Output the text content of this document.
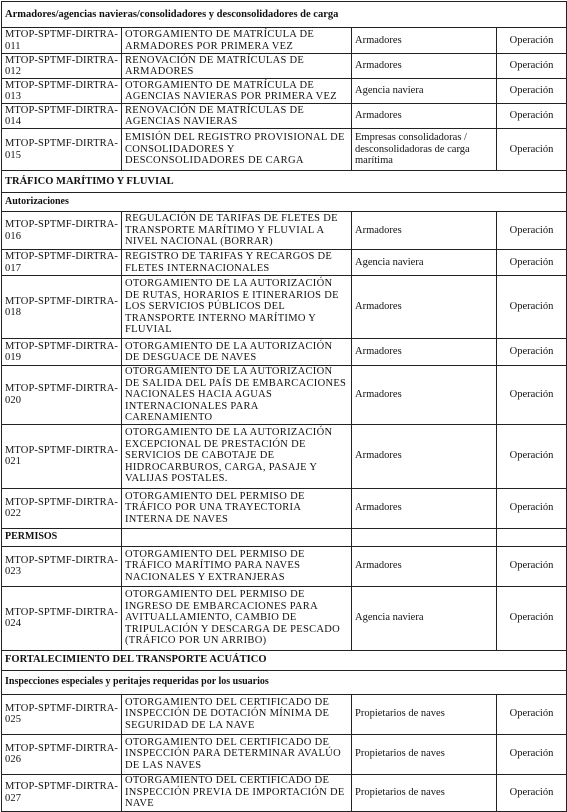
Armadores/agencias navieras/consolidadores y desconsolidadores de carga			
MTOP-SPTMF-DIRTRA-011	OTORGAMIENTO DE MATRÍCULA DE ARMADORES POR PRIMERA VEZ	Armadores	Operación
MTOP-SPTMF-DIRTRA-012	RENOVACIÓN DE MATRÍCULAS DE ARMADORES	Armadores	Operación
MTOP-SPTMF-DIRTRA-013	OTORGAMIENTO DE MATRÍCULA DE AGENCIAS NAVIERAS POR PRIMERA VEZ	Agencia naviera	Operación
MTOP-SPTMF-DIRTRA-014	RENOVACIÓN DE MATRÍCULAS DE AGENCIAS NAVIERAS	Armadores	Operación
MTOP-SPTMF-DIRTRA-015	EMISIÓN DEL REGISTRO PROVISIONAL DE CONSOLIDADORES Y DESCONSOLIDADORES DE CARGA	Empresas consolidadoras / desconsolidadoras de carga marítima	Operación
TRÁFICO MARÍTIMO Y FLUVIAL			
Autorizaciones			
MTOP-SPTMF-DIRTRA-016	REGULACIÓN DE TARIFAS DE FLETES DE TRANSPORTE MARÍTIMO Y FLUVIAL A NIVEL NACIONAL (BORRAR)	Armadores	Operación
MTOP-SPTMF-DIRTRA-017	REGISTRO DE TARIFAS Y RECARGOS DE FLETES INTERNACIONALES	Agencia naviera	Operación
MTOP-SPTMF-DIRTRA-018	OTORGAMIENTO DE LA AUTORIZACIÓN DE RUTAS, HORARIOS E ITINERARIOS DE LOS SERVICIOS PÚBLICOS DEL TRANSPORTE INTERNO MARÍTIMO Y FLUVIAL	Armadores	Operación
MTOP-SPTMF-DIRTRA-019	OTORGAMIENTO DE LA AUTORIZACIÓN DE DESGUACE DE NAVES	Armadores	Operación
MTOP-SPTMF-DIRTRA-020	OTORGAMIENTO DE LA AUTORIZACIÓN DE SALIDA DEL PAÍS DE EMBARCACIONES NACIONALES HACIA AGUAS INTERNACIONALES PARA CARENAMIENTO	Armadores	Operación
MTOP-SPTMF-DIRTRA-021	OTORGAMIENTO DE LA AUTORIZACIÓN EXCEPCIONAL DE PRESTACIÓN DE SERVICIOS DE CABOTAJE DE HIDROCARBUROS, CARGA, PASAJE Y VALIJAS POSTALES.	Armadores	Operación
MTOP-SPTMF-DIRTRA-022	OTORGAMIENTO DEL PERMISO DE TRÁFICO POR UNA TRAYECTORIA INTERNA DE NAVES	Armadores	Operación
PERMISOS			
MTOP-SPTMF-DIRTRA-023	OTORGAMIENTO DEL PERMISO DE TRÁFICO MARÍTIMO PARA NAVES NACIONALES Y EXTRANJERAS	Armadores	Operación
MTOP-SPTMF-DIRTRA-024	OTORGAMIENTO DEL PERMISO DE INGRESO DE EMBARCACIONES PARA AVITUALLAMIENTO, CAMBIO DE TRIPULACIÓN Y DESCARGA DE PESCADO (TRÁFICO POR UN ARRIBO)	Agencia naviera	Operación
FORTALECIMIENTO DEL TRANSPORTE ACUÁTICO			
Inspecciones especiales y peritajes requeridas por los usuarios			
MTOP-SPTMF-DIRTRA-025	OTORGAMIENTO DEL CERTIFICADO DE INSPECCIÓN DE DOTACIÓN MÍNIMA DE SEGURIDAD DE LA NAVE	Propietarios de naves	Operación
MTOP-SPTMF-DIRTRA-026	OTORGAMIENTO DEL CERTIFICADO DE INSPECCIÓN PARA DETERMINAR AVALÚO DE LAS NAVES	Propietarios de naves	Operación
MTOP-SPTMF-DIRTRA-027	OTORGAMIENTO DEL CERTIFICADO DE INSPECCIÓN PREVIA DE IMPORTACIÓN DE NAVE	Propietarios de naves	Operación
